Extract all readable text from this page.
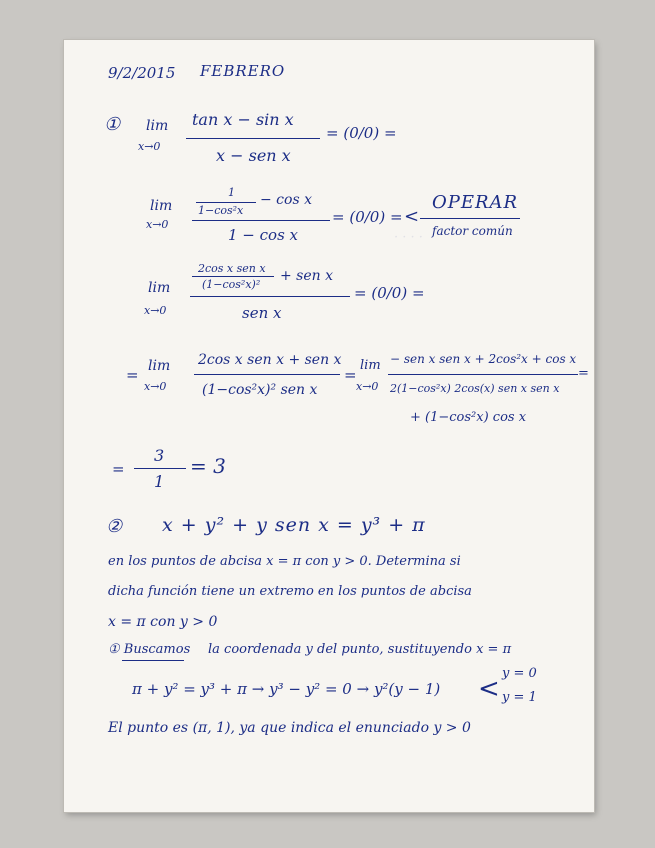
· · · ·
9/2/2015 FEBRERO
① lim
x→0
tan x − sin x
x − sen x
= (0/0) =
lim
x→0
1
1−cos²x
− cos x
1 − cos x
= (0/0) = <
OPERAR
factor común
lim
x→0
2cos x sen x
(1−cos²x)²
+ sen x
sen x
= (0/0) =
= lim
x→0
2cos x sen x + sen x
(1−cos²x)² sen x
=
lim
x→0
− sen x sen x + 2cos²x + cos x
2(1−cos²x) 2cos(x) sen x sen x
+ (1−cos²x) cos x
=
=
3
1
= 3
② x + y² + y sen x = y³ + π
en los puntos de abcisa x = π con y > 0. Determina si
dicha función tiene un extremo en los puntos de abcisa
x = π con y > 0
① Buscamos la coordenada y del punto, sustituyendo x = π
π + y² = y³ + π → y³ − y² = 0 → y²(y − 1) <
y = 0
y = 1
El punto es (π, 1), ya que indica el enunciado y > 0
